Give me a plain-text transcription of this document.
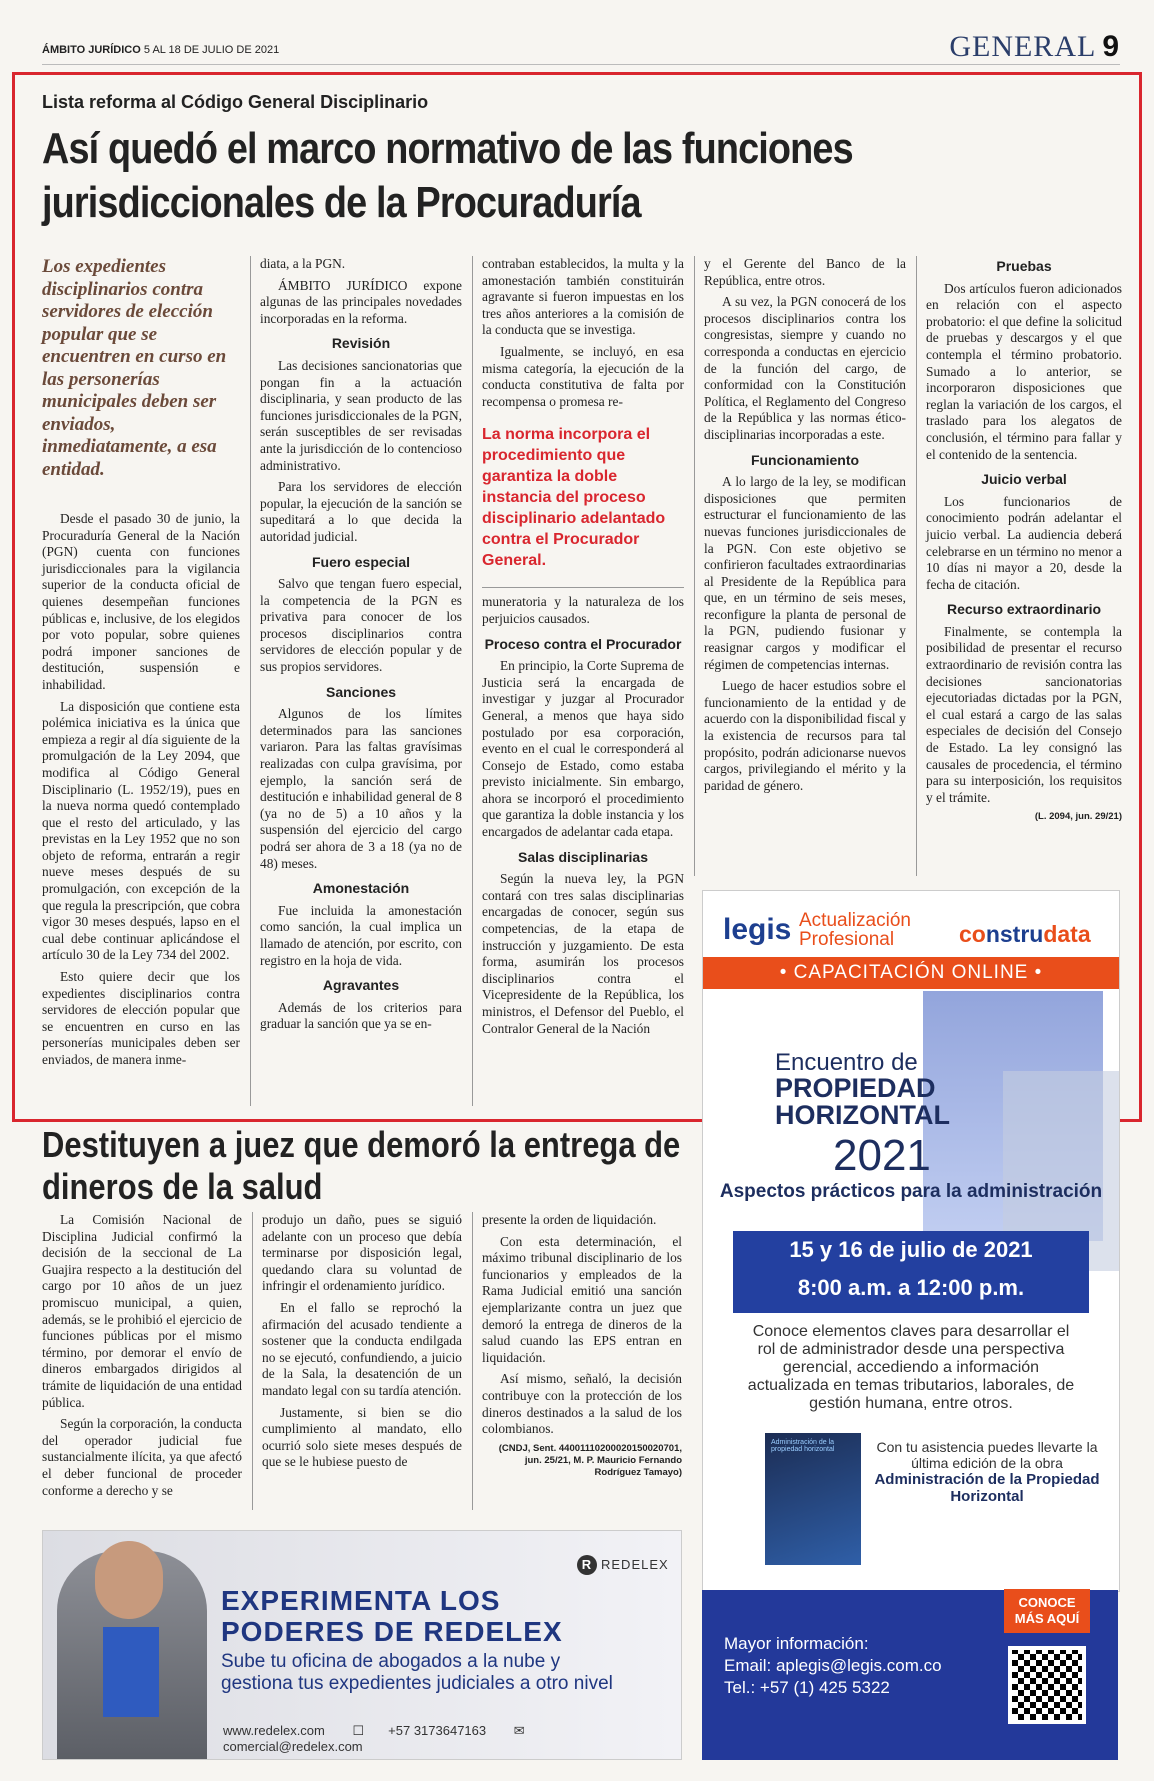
ÁMBITO JURÍDICO 5 AL 18 DE JULIO DE 2021	GENERAL 9
Lista reforma al Código General Disciplinario
Así quedó el marco normativo de las funciones jurisdiccionales de la Procuraduría
Los expedientes disciplinarios contra servidores de elección popular que se encuentren en curso en las personerías municipales deben ser enviados, inmediatamente, a esa entidad.

Desde el pasado 30 de junio, la Procuraduría General de la Nación (PGN) cuenta con funciones jurisdiccionales para la vigilancia superior de la conducta oficial de quienes desempeñan funciones públicas e, inclusive, de los elegidos por voto popular, sobre quienes podrá imponer sanciones de destitución, suspensión e inhabilidad.

La disposición que contiene esta polémica iniciativa es la única que empieza a regir al día siguiente de la promulgación de la Ley 2094, que modifica al Código General Disciplinario (L. 1952/19), pues en la nueva norma quedó contemplado que el resto del articulado, y las previstas en la Ley 1952 que no son objeto de reforma, entrarán a regir nueve meses después de su promulgación, con excepción de la que regula la prescripción, que cobra vigor 30 meses después, lapso en el cual debe continuar aplicándose el artículo 30 de la Ley 734 del 2002.

Esto quiere decir que los expedientes disciplinarios contra servidores de elección popular que se encuentren en curso en las personerías municipales deben ser enviados, de manera inme-

diata, a la PGN.

ÁMBITO JURÍDICO expone algunas de las principales novedades incorporadas en la reforma.

Revisión

Las decisiones sancionatorias que pongan fin a la actuación disciplinaria, y sean producto de las funciones jurisdiccionales de la PGN, serán susceptibles de ser revisadas ante la jurisdicción de lo contencioso administrativo.

Para los servidores de elección popular, la ejecución de la sanción se supeditará a lo que decida la autoridad judicial.

Fuero especial

Salvo que tengan fuero especial, la competencia de la PGN es privativa para conocer de los procesos disciplinarios contra servidores de elección popular y de sus propios servidores.

Sanciones

Algunos de los límites determinados para las sanciones variaron. Para las faltas gravísimas realizadas con culpa gravísima, por ejemplo, la sanción será de destitución e inhabilidad general de 8 (ya no de 5) a 10 años y la suspensión del ejercicio del cargo podrá ser ahora de 3 a 18 (ya no de 48) meses.

Amonestación

Fue incluida la amonestación como sanción, la cual implica un llamado de atención, por escrito, con registro en la hoja de vida.

Agravantes

Además de los criterios para graduar la sanción que ya se en-

contraban establecidos, la multa y la amonestación también constituirán agravante si fueron impuestas en los tres años anteriores a la comisión de la conducta que se investiga.

Igualmente, se incluyó, en esa misma categoría, la ejecución de la conducta constitutiva de falta por recompensa o promesa re-

La norma incorpora el procedimiento que garantiza la doble instancia del proceso disciplinario adelantado contra el Procurador General.

muneratoria y la naturaleza de los perjuicios causados.

Proceso contra el Procurador

En principio, la Corte Suprema de Justicia será la encargada de investigar y juzgar al Procurador General, a menos que haya sido postulado por esa corporación, evento en el cual le corresponderá al Consejo de Estado, como estaba previsto inicialmente. Sin embargo, ahora se incorporó el procedimiento que garantiza la doble instancia y los encargados de adelantar cada etapa.

Salas disciplinarias

Según la nueva ley, la PGN contará con tres salas disciplinarias encargadas de conocer, según sus competencias, de la etapa de instrucción y juzgamiento. De esta forma, asumirán los procesos disciplinarios contra el Vicepresidente de la República, los ministros, el Defensor del Pueblo, el Contralor General de la Nación

y el Gerente del Banco de la República, entre otros.

A su vez, la PGN conocerá de los procesos disciplinarios contra los congresistas, siempre y cuando no corresponda a conductas en ejercicio de la función del cargo, de conformidad con la Constitución Política, el Reglamento del Congreso de la República y las normas ético-disciplinarias incorporadas a este.

Funcionamiento

A lo largo de la ley, se modifican disposiciones que permiten estructurar el funcionamiento de las nuevas funciones jurisdiccionales de la PGN. Con este objetivo se confirieron facultades extraordinarias al Presidente de la República para que, en un término de seis meses, reconfigure la planta de personal de la PGN, pudiendo fusionar y reasignar cargos y modificar el régimen de competencias internas.

Luego de hacer estudios sobre el funcionamiento de la entidad y de acuerdo con la disponibilidad fiscal y la existencia de recursos para tal propósito, podrán adicionarse nuevos cargos, privilegiando el mérito y la paridad de género.

Pruebas

Dos artículos fueron adicionados en relación con el aspecto probatorio: el que define la solicitud de pruebas y descargos y el que contempla el término probatorio. Sumado a lo anterior, se incorporaron disposiciones que reglan la variación de los cargos, el traslado para los alegatos de conclusión, el término para fallar y el contenido de la sentencia.

Juicio verbal

Los funcionarios de conocimiento podrán adelantar el juicio verbal. La audiencia deberá celebrarse en un término no menor a 10 días ni mayor a 20, desde la fecha de citación.

Recurso extraordinario

Finalmente, se contempla la posibilidad de presentar el recurso extraordinario de revisión contra las decisiones sancionatorias ejecutoriadas dictadas por la PGN, el cual estará a cargo de las salas especiales de decisión del Consejo de Estado. La ley consignó las causales de procedencia, el término para su interposición, los requisitos y el trámite.

(L. 2094, jun. 29/21)
Destituyen a juez que demoró la entrega de dineros de la salud

La Comisión Nacional de Disciplina Judicial confirmó la decisión de la seccional de La Guajira respecto a la destitución del cargo por 10 años de un juez promiscuo municipal, a quien, además, se le prohibió el ejercicio de funciones públicas por el mismo término, por demorar el envío de dineros embargados dirigidos al trámite de liquidación de una entidad pública.

Según la corporación, la conducta del operador judicial fue sustancialmente ilícita, ya que afectó el deber funcional de proceder conforme a derecho y se

produjo un daño, pues se siguió adelante con un proceso que debía terminarse por disposición legal, quedando clara su voluntad de infringir el ordenamiento jurídico.

En el fallo se reprochó la afirmación del acusado tendiente a sostener que la conducta endilgada no se ejecutó, confundiendo, a juicio de la Sala, la desatención de un mandato legal con su tardía atención.

Justamente, si bien se dio cumplimiento al mandato, ello ocurrió solo siete meses después de que se le hubiese puesto de

presente la orden de liquidación.

Con esta determinación, el máximo tribunal disciplinario de los funcionarios y empleados de la Rama Judicial emitió una sanción ejemplarizante contra un juez que demoró la entrega de dineros de la salud cuando las EPS entran en liquidación.

Así mismo, señaló, la decisión contribuye con la protección de los dineros destinados a la salud de los colombianos.

(CNDJ, Sent. 44001110200020150020701, jun. 25/21, M. P. Mauricio Fernando Rodríguez Tamayo)
legis Actualización
Profesional	construdata
• CAPACITACIÓN ONLINE •
Encuentro de
PROPIEDAD
HORIZONTAL
2021
Aspectos prácticos para la administración
15 y 16 de julio de 2021
8:00 a.m. a 12:00 p.m.
Conoce elementos claves para desarrollar el rol de administrador desde una perspectiva gerencial, accediendo a información actualizada en temas tributarios, laborales, de gestión humana, entre otros.
Administración de la propiedad horizontal	Con tu asistencia puedes llevarte la última edición de la obra
Administración de la Propiedad Horizontal
CONOCE MÁS AQUÍ
Mayor información:
Email: aplegis@legis.com.co
Tel.: +57 (1) 425 5322
R REDELEX
EXPERIMENTA LOS
PODERES DE REDELEX
Sube tu oficina de abogados a la nube y
gestiona tus expedientes judiciales a otro nivel
www.redelex.com ☐ +57 3173647163 ✉comercial@redelex.com
